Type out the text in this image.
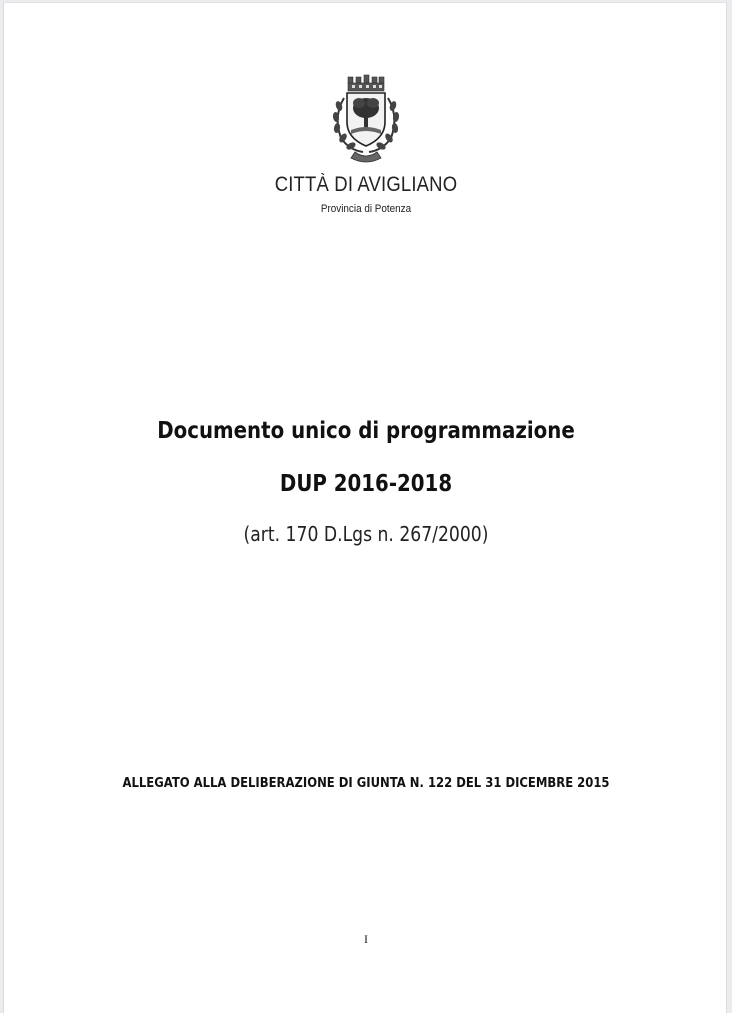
CITTÀ DI AVIGLIANO
Provincia di Potenza
Documento unico di programmazione
DUP 2016-2018
(art. 170 D.Lgs n. 267/2000)
ALLEGATO ALLA DELIBERAZIONE DI GIUNTA N. 122 DEL 31 DICEMBRE 2015
I
